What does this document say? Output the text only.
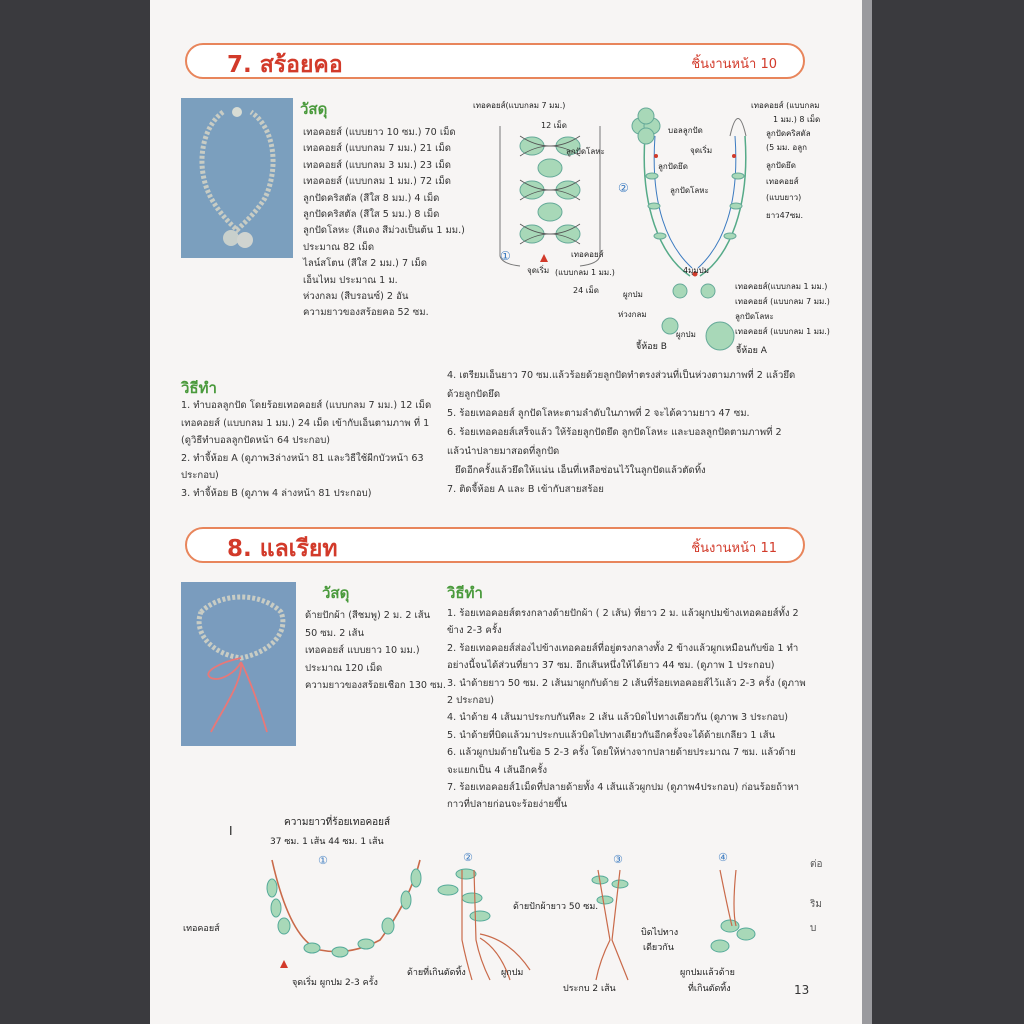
7. สร้อยคอ	ชิ้นงานหน้า 10
วัสดุ
เทอคอยส์ (แบบยาว 10 ซม.) 70 เม็ด
เทอคอยส์ (แบบกลม 7 มม.) 21 เม็ด
เทอคอยส์ (แบบกลม 3 มม.) 23 เม็ด
เทอคอยส์ (แบบกลม 1 มม.) 72 เม็ด
ลูกปัดคริสตัล (สีใส 8 มม.) 4 เม็ด
ลูกปัดคริสตัล (สีใส 5 มม.) 8 เม็ด
ลูกปัดโลหะ (สีแดง สีม่วงเป็นต้น 1 มม.)
ประมาณ 82 เม็ด
ไลน์สโตน (สีใส 2 มม.) 7 เม็ด
เอ็นไหม ประมาณ 1 ม.
ห่วงกลม (สีบรอนซ์) 2 อัน
ความยาวของสร้อยคอ 52 ซม.
เทอคอยส์(แบบกลม 7 มม.)
12 เม็ด
ลูกปัดโลหะ
เทอคอยส์
(แบบกลม 1 มม.)
24 เม็ด
จุดเริ่ม
①
②
บอลลูกปัด
จุดเริ่ม
ลูกปัดยึด
ลูกปัดโลหะ
เทอคอยส์ (แบบกลม
1 มม.) 8 เม็ด
ลูกปัดคริสตัล
(5 มม. อลูก
ลูกปัดยึด
เทอคอยส์
(แบบยาว)
ยาว47ซม.
4มุมปม
ผูกปม
ห่วงกลม
ผูกปม
เทอคอยส์(แบบกลม 1 มม.)
เทอคอยส์ (แบบกลม 7 มม.)
ลูกปัดโลหะ
เทอคอยส์ (แบบกลม 1 มม.)
จี้ห้อย B	จี้ห้อย A
วิธีทำ
1. ทำบอลลูกปัด โดยร้อยเทอคอยส์ (แบบกลม 7 มม.) 12 เม็ด
เทอคอยส์ (แบบกลม 1 มม.) 24 เม็ด เข้ากับเอ็นตามภาพ ที่ 1
(ดูวิธีทำบอลลูกปัดหน้า 64 ประกอบ)
2. ทำจี้ห้อย A (ดูภาพ3ล่างหน้า 81 และวิธีใช้ผีกบัวหน้า 63
ประกอบ)
3. ทำจี้ห้อย B (ดูภาพ 4 ล่างหน้า 81 ประกอบ)
4. เตรียมเอ็นยาว 70 ซม.แล้วร้อยด้วยลูกปัดทำตรงส่วนที่เป็นห่วงตามภาพที่ 2 แล้วยึด
ด้วยลูกปัดยึด
5. ร้อยเทอคอยส์ ลูกปัดโลหะตามลำดับในภาพที่ 2 จะได้ความยาว 47 ซม.
6. ร้อยเทอคอยส์เสร็จแล้ว ให้ร้อยลูกปัดยึด ลูกปัดโลหะ และบอลลูกปัดตามภาพที่ 2
แล้วนำปลายมาสอดที่ลูกปัด
ยึดอีกครั้งแล้วยึดให้แน่น เอ็นที่เหลือซ่อนไว้ในลูกปัดแล้วตัดทิ้ง
7. ติดจี้ห้อย A และ B เข้ากับสายสร้อย
8. แลเรียท	ชิ้นงานหน้า 11
วัสดุ
ด้ายปักผ้า (สีชมพู) 2 ม. 2 เส้น
50 ซม. 2 เส้น
เทอคอยส์ แบบยาว 10 มม.)
ประมาณ 120 เม็ด
ความยาวของสร้อยเชือก 130 ซม.
วิธีทำ
1. ร้อยเทอคอยส์ตรงกลางด้ายปักผ้า ( 2 เส้น) ที่ยาว 2 ม. แล้วผูกปมข้างเทอคอยส์ทั้ง 2
ข้าง 2-3 ครั้ง
2. ร้อยเทอคอยส์ส่องไปข้างเทอคอยส์ที่อยู่ตรงกลางทั้ง 2 ข้างแล้วผูกเหมือนกับข้อ 1 ทำ
อย่างนี้จนได้ส่วนที่ยาว 37 ซม. อีกเส้นหนึ่งให้ได้ยาว 44 ซม. (ดูภาพ 1 ประกอบ)
3. นำด้ายยาว 50 ซม. 2 เส้นมาผูกกับด้าย 2 เส้นที่ร้อยเทอคอยส์ไว้แล้ว 2-3 ครั้ง (ดูภาพ
2 ประกอบ)
4. นำด้าย 4 เส้นมาประกบกันทีละ 2 เส้น แล้วบิดไปทางเดียวกัน (ดูภาพ 3 ประกอบ)
5. นำด้ายที่บิดแล้วมาประกบแล้วบิดไปทางเดียวกันอีกครั้งจะได้ด้ายเกลียว 1 เส้น
6. แล้วผูกปมด้ายในข้อ 5 2-3 ครั้ง โดยให้ห่างจากปลายด้ายประมาณ 7 ซม. แล้วด้าย
จะแยกเป็น 4 เส้นอีกครั้ง
7. ร้อยเทอคอยส์1เม็ดที่ปลายด้ายทั้ง 4 เส้นแล้วผูกปม (ดูภาพ4ประกอบ) ก่อนร้อยถ้าหา
กาวที่ปลายก่อนจะร้อยง่ายขึ้น
I
ความยาวที่ร้อยเทอคอยส์
37 ซม. 1 เส้น 44 ซม. 1 เส้น
①	②	③	④
เทอคอยส์
จุดเริ่ม ผูกปม 2-3 ครั้ง
ด้ายปักผ้ายาว 50 ซม.
ด้ายที่เกินตัดทิ้ง	ผูกปม
บิดไปทาง
เดียวกัน
ประกบ 2 เส้น
ผูกปมแล้วด้าย
ที่เกินตัดทิ้ง
ต่อ
ริม
บ
13
